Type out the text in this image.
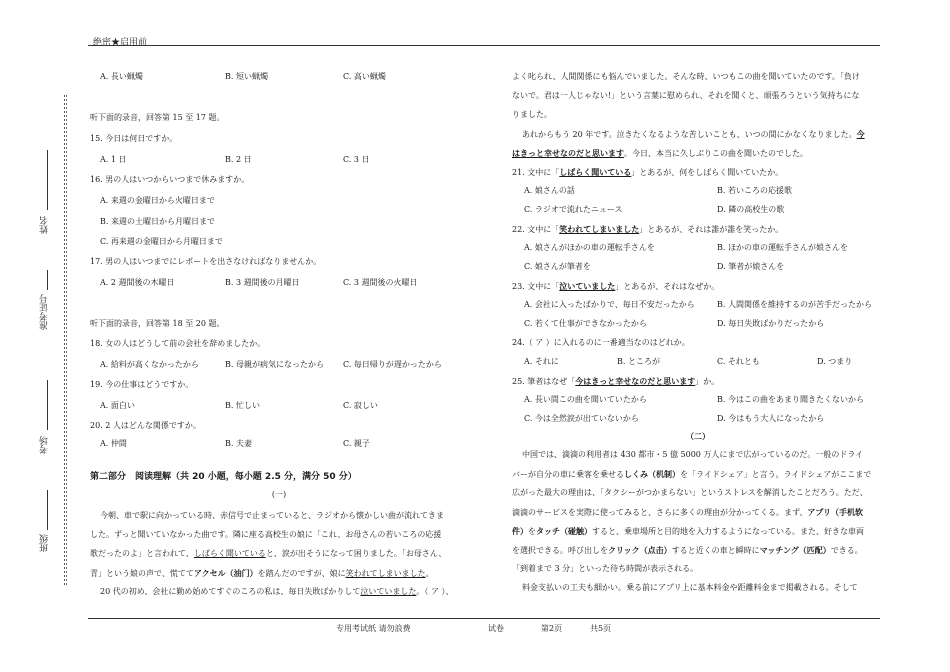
绝密★启用前
姓名
准考证号
考场
班级
A. 長い蝋燭	B. 短い蝋燭	C. 高い蝋燭
听下面的录音，回答第 15 至 17 题。
15. 今日は何日ですか。
A. 1 日	B. 2 日	C. 3 日
16. 男の人はいつからいつまで休みますか。
A. 来週の金曜日から火曜日まで
B. 来週の土曜日から月曜日まで
C. 再来週の金曜日から月曜日まで
17. 男の人はいつまでにレポートを出さなければなりませんか。
A. 2 週間後の木曜日	B. 3 週間後の月曜日	C. 3 週間後の火曜日
听下面的录音，回答第 18 至 20 题。
18. 女の人はどうして前の会社を辞めましたか。
A. 給料が高くなかったから	B. 母親が病気になったから C. 毎日帰りが遅かったから
19. 今の仕事はどうですか。
A. 面白い	B. 忙しい	C. 寂しい
20. 2 人はどんな関係ですか。
A. 仲間	B. 夫妻	C. 親子
第二部分　阅读理解（共 20 小题，每小题 2.5 分，满分 50 分）
(一)
今朝、車で駅に向かっている時、赤信号で止まっていると、ラジオから懐かしい曲が流れてきま
した。ずっと聞いていなかった曲です。隣に座る高校生の娘に「これ、お母さんの若いころの応援
歌だったのよ」と言われて、しばらく聞いていると、涙が出そうになって困りました。「お母さん、
青」という娘の声で、慌ててアクセル（油门）を踏んだのですが、娘に笑われてしまいました。
20 代の初め、会社に勤め始めてすぐのころの私は、毎日失敗ばかりして泣いていました。（ ア ）、
よく叱られ、人間関係にも悩んでいました。そんな時、いつもこの曲を聞いていたのです。「負け
ないで。君は一人じゃない!」という言葉に慰められ、それを聞くと、頑張ろうという気持ちにな
りました。
あれからもう 20 年です。泣きたくなるような苦しいことも、いつの間にかなくなりました。今
はきっと幸せなのだと思います。今日、本当に久しぶりこの曲を聞いたのでした。
21. 文中に「しばらく聞いている」とあるが、何をしばらく聞いていたか。
A. 娘さんの話	B. 若いころの応援歌
C. ラジオで流れたニュース	D. 隣の高校生の歌
22. 文中に「笑われてしまいました」とあるが、それは誰が誰を笑ったか。
A. 娘さんがほかの車の運転手さんを	B. ほかの車の運転手さんが娘さんを
C. 娘さんが筆者を	D. 筆者が娘さんを
23. 文中に「泣いていました」とあるが、それはなぜか。
A. 会社に入ったばかりで、毎日不安だったから	B. 人間関係を維持するのが苦手だったから
C. 若くて仕事ができなかったから	D. 毎日失敗ばかりだったから
24.（ ア ）に入れるのに一番適当なのはどれか。
A. それに	B. ところが	C. それとも	D. つまり
25. 筆者はなぜ「今はきっと幸せなのだと思います」か。
A. 長い間この曲を聞いていたから	B. 今はこの曲をあまり聞きたくないから
C. 今は全然涙が出ていないから	D. 今はもう大人になったから
（二）
中国では、滴滴の利用者は 430 都市・5 億 5000 万人にまで広がっているのだ。一般のドライ
バーが自分の車に乗客を乗せるしくみ（机制）を「ライドシェア」と言う。ライドシェアがここまで
広がった最大の理由は、「タクシーがつかまらない」というストレスを解消したことだろう。ただ、
滴滴のサービスを実際に使ってみると、さらに多くの理由が分かってくる。まず、アプリ（手机软
件）をタッチ（碰触）すると、乗車場所と目的地を入力するようになっている。また、好きな車両
を選択できる。呼び出しをクリック（点击）すると近くの車と瞬時にマッチング（匹配）できる。
「到着まで 3 分」といった待ち時間が表示される。
料金支払いの工夫も細かい。乗る前にアプリ上に基本料金や距離料金まで掲載される。そして
专用考试纸 请勿浪费	试卷	第2页	共5页
